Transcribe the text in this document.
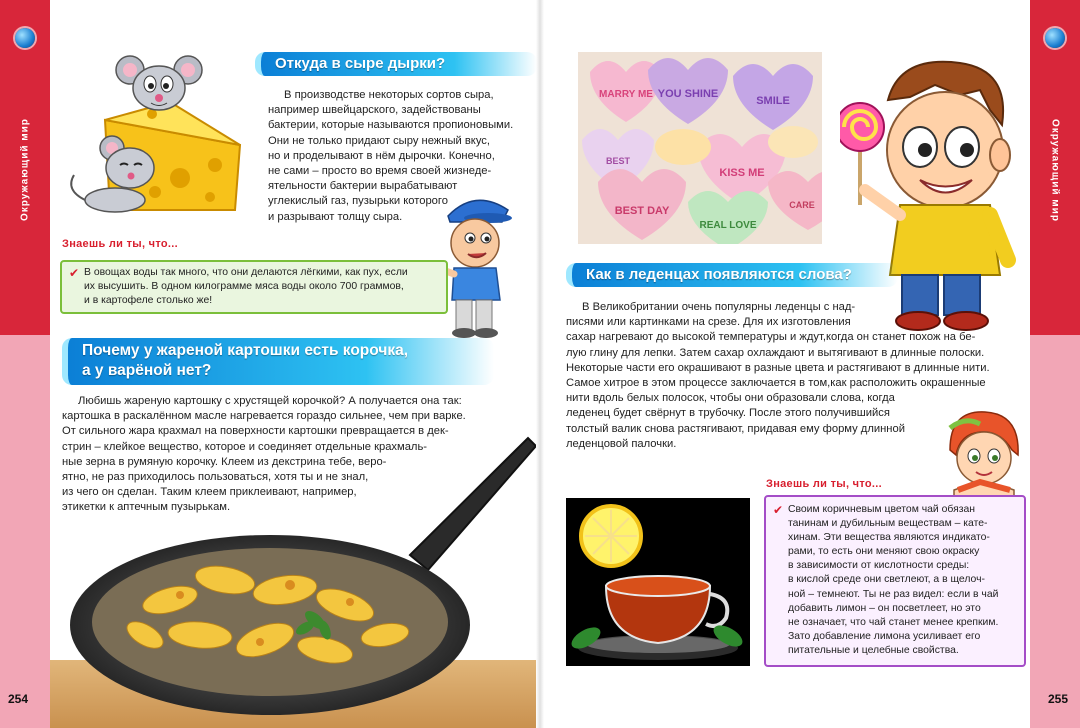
Окружающий мир	Окружающий мир
254	255
Откуда в сыре дырки?
В производстве некоторых сортов сыра,
например швейцарского, задействованы
бактерии, которые называются пропионовыми.
Они не только придают сыру нежный вкус,
но и проделывают в нём дырочки. Конечно,
не сами – просто во время своей жизнеде-
ятельности бактерии вырабатывают
углекислый газ, пузырьки которого
и разрывают толщу сыра.
Знаешь ли ты, что...
✔ В овощах воды так много, что они делаются лёгкими, как пух, если
их высушить. В одном килограмме мяса воды около 700 граммов,
и в картофеле столько же!
Почему у жареной картошки есть корочка,
а у варёной нет?
Любишь жареную картошку с хрустящей корочкой? А получается она так:
картошка в раскалённом масле нагревается гораздо сильнее, чем при варке.
От сильного жара крахмал на поверхности картошки превращается в дек-
стрин – клейкое вещество, которое и соединяет отдельные крахмаль-
ные зерна в румяную корочку. Клеем из декстрина тебе, веро-
ятно, не раз приходилось пользоваться, хотя ты и не знал,
из чего он сделан. Таким клеем приклеивают, например,
этикетки к аптечным пузырькам.
MARRY ME YOU SHINE
SMILE
BEST
BEST DAY
KISS ME
REAL LOVE
CARE
Как в леденцах появляются слова?
В Великобритании очень популярны леденцы с над-
писями или картинками на срезе. Для их изготовления
сахар нагревают до высокой температуры и ждут,когда он станет похож на бе-
лую глину для лепки. Затем сахар охлаждают и вытягивают в длинные полоски.
Некоторые части его окрашивают в разные цвета и растягивают в длинные нити.
Самое хитрое в этом процессе заключается в том,как расположить окрашенные
нити вдоль белых полосок, чтобы они образовали слова, когда
леденец будет свёрнут в трубочку. После этого получившийся
толстый валик снова растягивают, придавая ему форму длинной
леденцовой палочки.
Знаешь ли ты, что...
✔ Своим коричневым цветом чай обязан
танинам и дубильным веществам – кате-
хинам. Эти вещества являются индикато-
рами, то есть они меняют свою окраску
в зависимости от кислотности среды:
в кислой среде они светлеют, а в щелоч-
ной – темнеют. Ты не раз видел: если в чай
добавить лимон – он посветлеет, но это
не означает, что чай станет менее крепким.
Зато добавление лимона усиливает его
питательные и целебные свойства.
